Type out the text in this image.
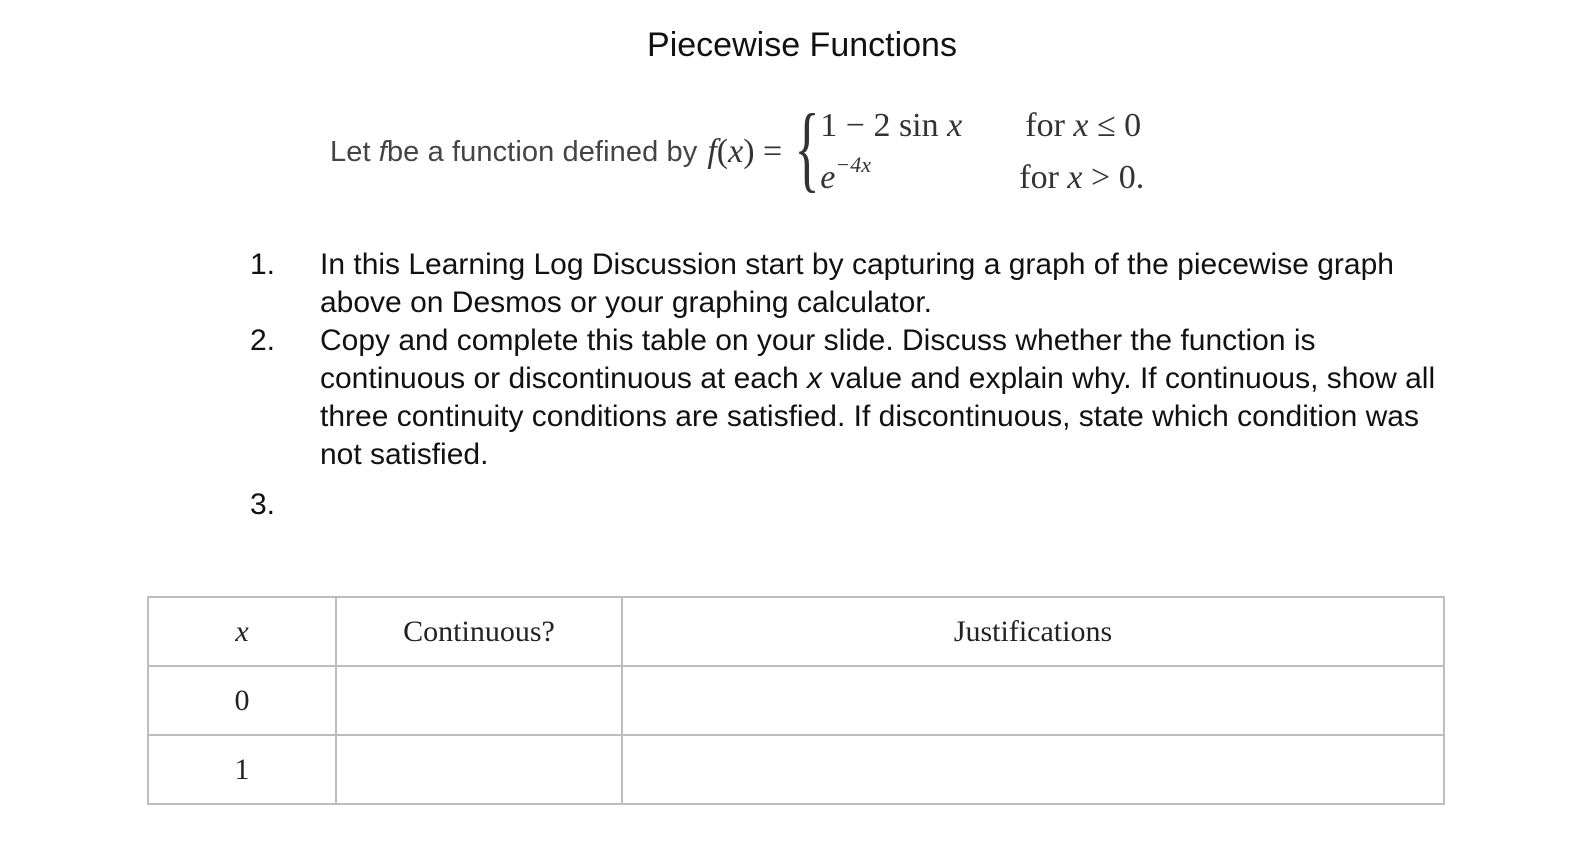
Piecewise Functions
Let fbe a function defined by f(x) = { 1 − 2 sin x	for x ≤ 0
$e^{-4x}$	for x > 0.
1.	In this Learning Log Discussion start by capturing a graph of the piecewise graph above on Desmos or your graphing calculator.
2.	Copy and complete this table on your slide. Discuss whether the function is continuous or discontinuous at each x value and explain why. If continuous, show all three continuity conditions are satisfied. If discontinuous, state which condition was not satisfied.
3.
x	Continuous?	Justifications
0		
1		
